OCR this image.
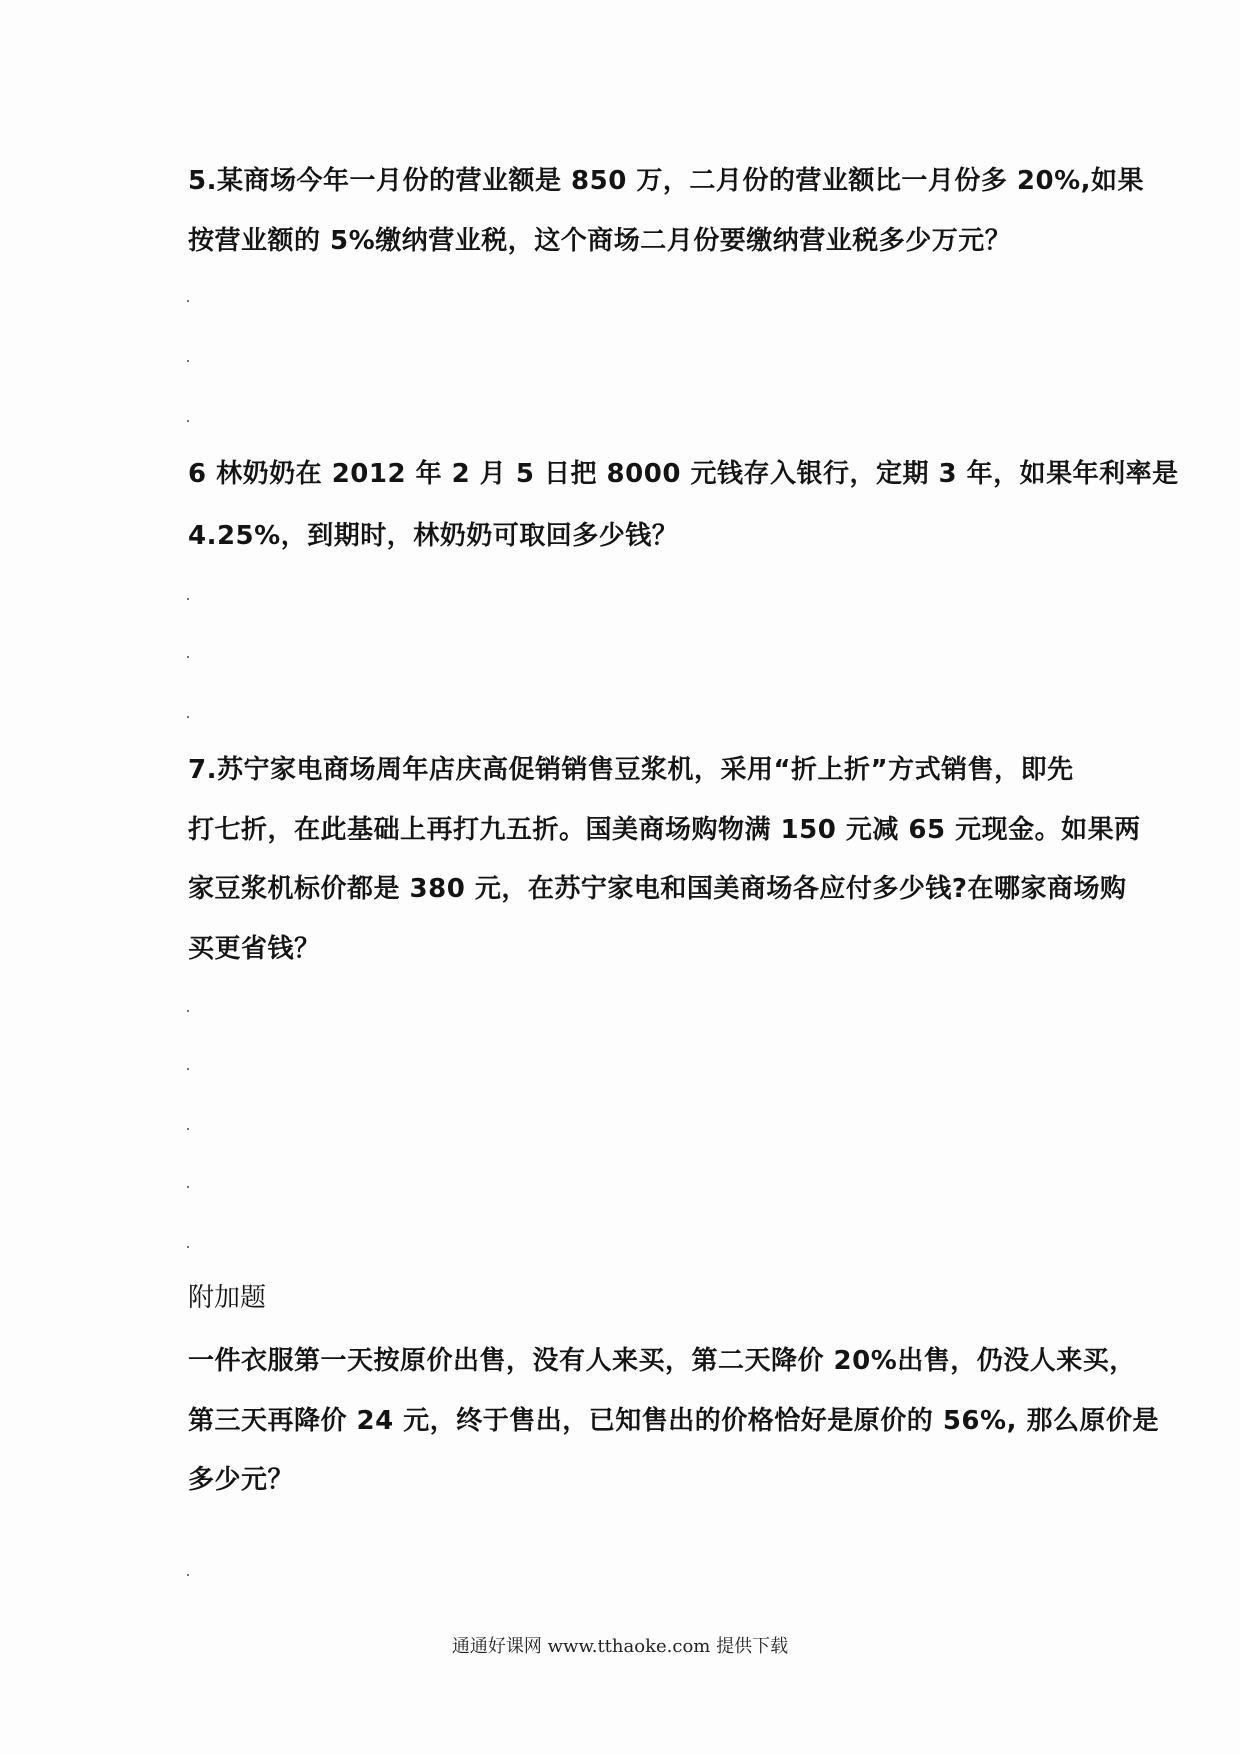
5.某商场今年一月份的营业额是 850 万，二月份的营业额比一月份多 20%,如果
按营业额的 5%缴纳营业税，这个商场二月份要缴纳营业税多少万元？
6 林奶奶在 2012 年 2 月 5 日把 8000 元钱存入银行，定期 3 年，如果年利率是
4.25%，到期时，林奶奶可取回多少钱？
7.苏宁家电商场周年店庆高促销销售豆浆机，采用“折上折”方式销售，即先
打七折，在此基础上再打九五折。国美商场购物满 150 元减 65 元现金。如果两
家豆浆机标价都是 380 元，在苏宁家电和国美商场各应付多少钱?在哪家商场购
买更省钱？
附加题
一件衣服第一天按原价出售，没有人来买，第二天降价 20%出售，仍没人来买，
第三天再降价 24 元，终于售出，已知售出的价格恰好是原价的 56%, 那么原价是
多少元？
通通好课网 www.tthaoke.com 提供下载
